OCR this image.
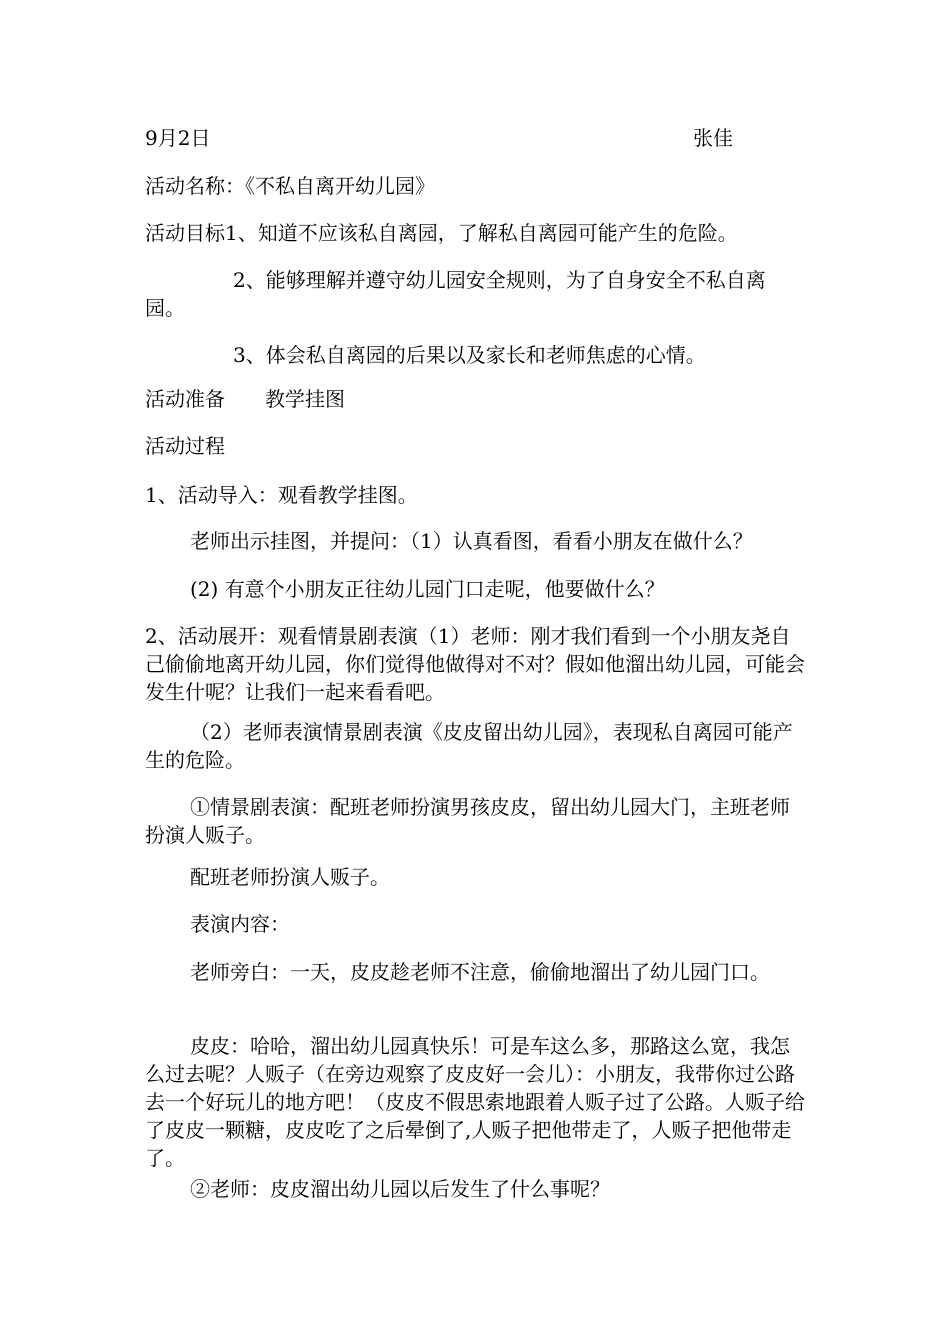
9月2日	张佳

活动名称：《不私自离开幼儿园》

活动目标1、知道不应该私自离园，了解私自离园可能产生的危险。

2、能够理解并遵守幼儿园安全规则，为了自身安全不私自离园。

3、体会私自离园的后果以及家长和老师焦虑的心情。

活动准备　　教学挂图

活动过程

1、活动导入：观看教学挂图。

老师出示挂图，并提问：（1）认真看图，看看小朋友在做什么？

(2) 有意个小朋友正往幼儿园门口走呢，他要做什么？

2、活动展开：观看情景剧表演（1）老师：刚才我们看到一个小朋友尧自己偷偷地离开幼儿园，你们觉得他做得对不对？假如他溜出幼儿园，可能会发生什呢？让我们一起来看看吧。

（2）老师表演情景剧表演《皮皮留出幼儿园》，表现私自离园可能产生的危险。

①情景剧表演：配班老师扮演男孩皮皮，留出幼儿园大门，主班老师扮演人贩子。

配班老师扮演人贩子。

表演内容：

老师旁白：一天，皮皮趁老师不注意，偷偷地溜出了幼儿园门口。

皮皮：哈哈，溜出幼儿园真快乐！可是车这么多，那路这么宽，我怎么过去呢？人贩子（在旁边观察了皮皮好一会儿）：小朋友，我带你过公路去一个好玩儿的地方吧！（皮皮不假思索地跟着人贩子过了公路。人贩子给了皮皮一颗糖，皮皮吃了之后晕倒了,人贩子把他带走了，人贩子把他带走了。

②老师：皮皮溜出幼儿园以后发生了什么事呢？
